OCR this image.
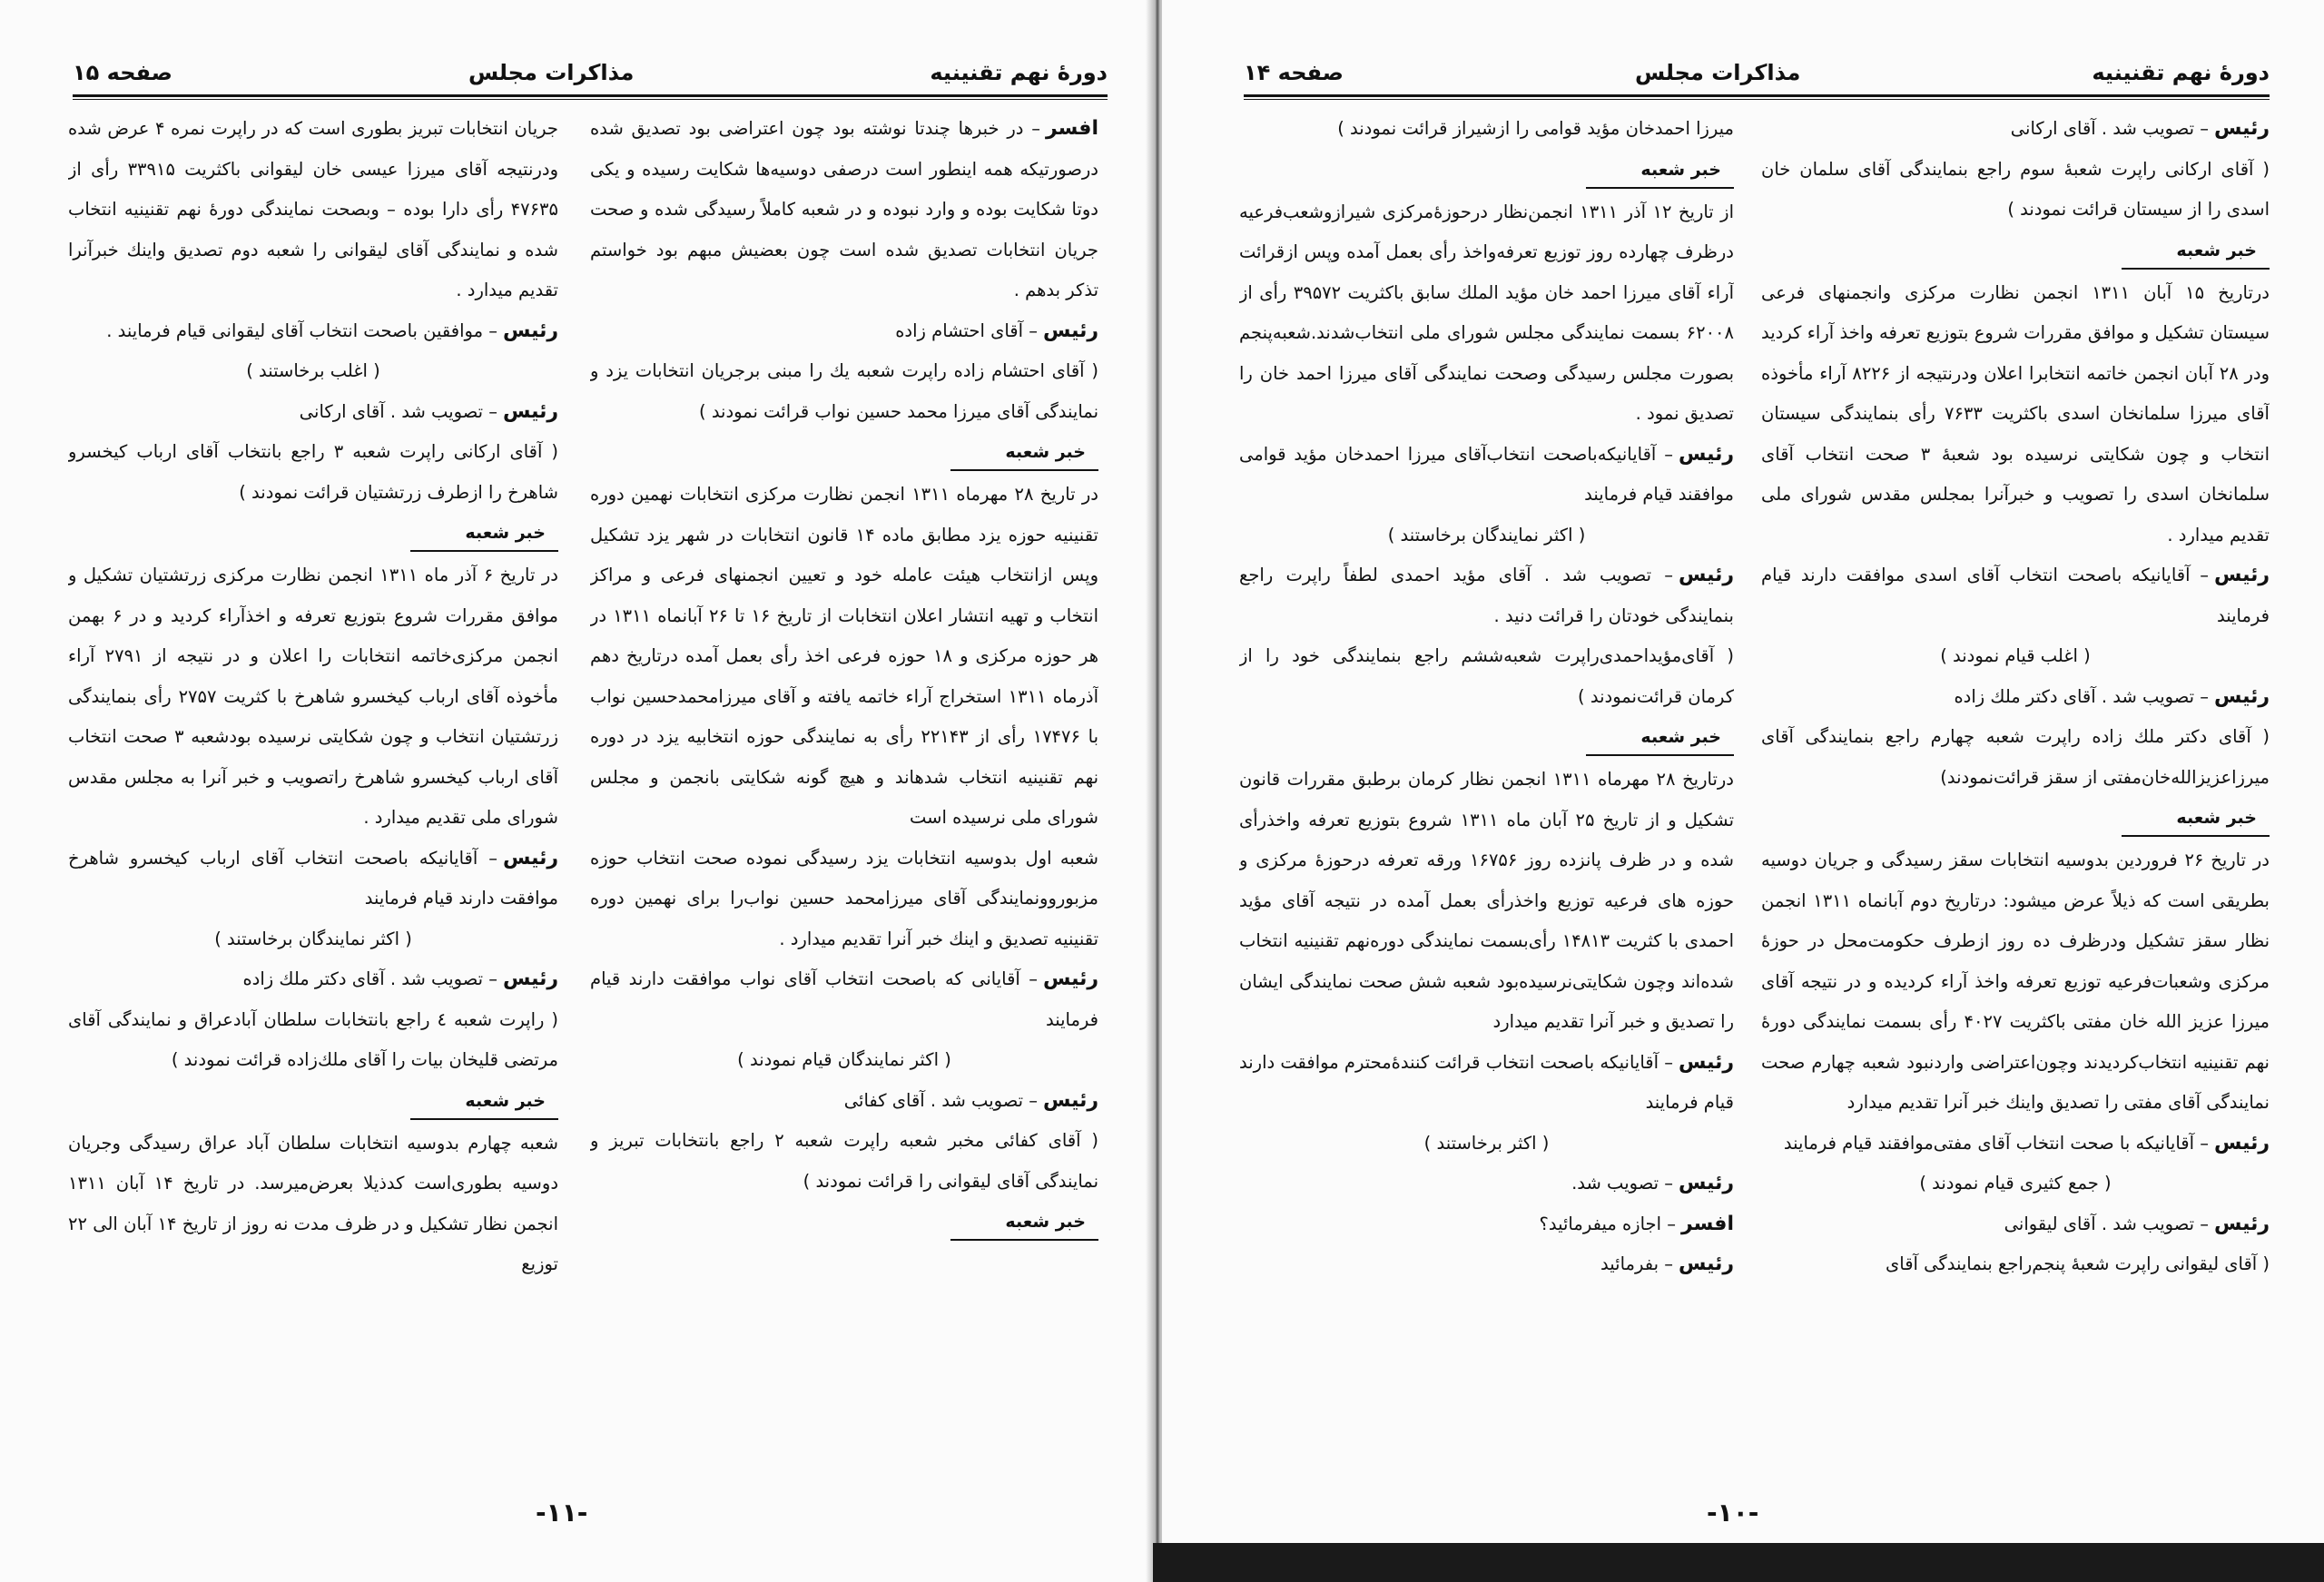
دورهٔ نهم تقنینیه
مذاکرات مجلس
صفحه ۱۵

افسر– در خبرها چندتا نوشته بود چون اعتراضی بود تصدیق شده درصورتیکه همه اینطور است درصفی دوسیه‌ها شکایت رسیده و یکی دوتا شکایت بوده و وارد نبوده و در شعبه کاملاً رسیدگی شده و صحت جریان انتخابات تصدیق شده است چون بعضیش مبهم بود خواستم تذکر بدهم .

رئیس– آقای احتشام زاده

( آقای احتشام زاده راپرت شعبه یك را مبنی برجریان انتخابات یزد و نمایندگی آقای میرزا محمد حسین نواب قرائت نمودند )

خبر شعبه

در تاریخ ۲۸ مهرماه ۱۳۱۱ انجمن نظارت مرکزی انتخابات نهمین دوره تقنینیه حوزه یزد مطابق ماده ۱۴ قانون انتخابات در شهر یزد تشکیل وپس ازانتخاب هیئت عامله خود و تعیین انجمنهای فرعی و مراکز انتخاب و تهیه انتشار اعلان انتخابات از تاریخ ۱۶ تا ۲۶ آبانماه ۱۳۱۱ در هر حوزه مرکزی و ۱۸ حوزه فرعی اخذ رأی بعمل آمده درتاریخ دهم آذرماه ۱۳۱۱ استخراج آراء خاتمه یافته و آقای میرزامحمدحسین نواب با ۱۷۴۷۶ رأی از ۲۲۱۴۳ رأی به نمایندگی حوزه انتخابیه یزد در دوره نهم تقنینیه انتخاب شدهاند و هیچ گونه شکایتی بانجمن و مجلس شورای ملی نرسیده است

شعبه اول بدوسیه انتخابات یزد رسیدگی نموده صحت انتخاب حوزه مزبوروونمایندگی آقای میرزامحمد حسین نواب‌را برای نهمین دوره تقنینیه تصدیق و اینك خبر آنرا تقدیم میدارد .

رئیس– آقایانی که باصحت انتخاب آقای نواب موافقت دارند قیام فرمایند

( اکثر نمایندگان قیام نمودند )

رئیس– تصویب شد . آقای کفائی

( آقای کفائی مخبر شعبه راپرت شعبه ۲ راجع بانتخابات تبریز و نمایندگی آقای لیقوانی را قرائت نمودند )

خبر شعبه

جریان انتخابات تبریز بطوری است که در راپرت نمره ۴ عرض شده ودرنتیجه آقای میرزا عیسی خان لیقوانی باکثریت ۳۳۹۱۵ رأی از ۴۷۶۳۵ رأی دارا بوده – وبصحت نمایندگی دورهٔ نهم تقنینیه انتخاب شده و نمایندگی آقای لیقوانی را شعبه دوم تصدیق واینك خبرآنرا تقدیم میدارد .

رئیس– موافقین باصحت انتخاب آقای لیقوانی قیام فرمایند .

( اغلب برخاستند )

رئیس– تصویب شد . آقای ارکانی

( آقای ارکانی راپرت شعبه ۳ راجع بانتخاب آقای ارباب کیخسرو شاهرخ را ازطرف زرتشتیان قرائت نمودند )

خبر شعبه

در تاریخ ۶ آذر ماه ۱۳۱۱ انجمن نظارت مرکزی زرتشتیان تشکیل و موافق مقررات شروع بتوزیع تعرفه و اخذآراء کردید و در ۶ بهمن انجمن مرکزی‌خاتمه انتخابات را اعلان و در نتیجه از ۲۷۹۱ آراء مأخوذه آقای ارباب کیخسرو شاهرخ با کثریت ۲۷۵۷ رأی بنمایندگی زرتشتیان انتخاب و چون شکایتی نرسیده بودشعبه ۳ صحت انتخاب آقای ارباب کیخسرو شاهرخ راتصویب و خبر آنرا به مجلس مقدس شورای ملی تقدیم میدارد .

رئیس– آقایانیکه باصحت انتخاب آقای ارباب کیخسرو شاهرخ موافقت دارند قیام فرمایند

( اکثر نمایندگان برخاستند )

رئیس– تصویب شد . آقای دکتر ملك زاده

( راپرت شعبه ٤ راجع بانتخابات سلطان آبادعراق و نمایندگی آقای مرتضی قلیخان بیات را آقای ملك‌زاده قرائت نمودند )

خبر شعبه

شعبه چهارم بدوسیه انتخابات سلطان آباد عراق رسیدگی وجریان دوسیه بطوری‌است کدذیلا بعرض‌میرسد. در تاریخ ۱۴ آبان ۱۳۱۱ انجمن نظار تشکیل و در ظرف مدت نه روز از تاریخ ۱۴ آبان الی ۲۲ توزیع

-۱۱-
دورهٔ نهم تقنینیه
مذاکرات مجلس
صفحه ۱۴

رئیس– تصویب شد . آقای ارکانی

( آقای ارکانی راپرت شعبهٔ سوم راجع بنمایندگی آقای سلمان خان اسدی را از سیستان قرائت نمودند )

خبر شعبه

درتاریخ ۱۵ آبان ۱۳۱۱ انجمن نظارت مرکزی وانجمنهای فرعی سیستان تشکیل و موافق مقررات شروع بتوزیع تعرفه واخذ آراء کردید ودر ۲۸ آبان انجمن خاتمه انتخابرا اعلان ودرنتیجه از ۸۲۲۶ آراء مأخوذه آقای میرزا سلمانخان اسدی باکثریت ۷۶۳۳ رأی بنمایندگی سیستان انتخاب و چون شکایتی نرسیده بود شعبهٔ ۳ صحت انتخاب آقای سلمانخان اسدی را تصویب و خبرآنرا بمجلس مقدس شورای ملی تقدیم میدارد .

رئیس– آقایانیکه باصحت انتخاب آقای اسدی موافقت دارند قیام فرمایند

( اغلب قیام نمودند )

رئیس– تصویب شد . آقای دکتر ملك زاده

( آقای دکتر ملك زاده راپرت شعبه چهارم راجع بنمایندگی آقای میرزاعزیزالله‌خان‌مفتی از سقز قرائت‌نمودند)

خبر شعبه

در تاریخ ۲۶ فروردین بدوسیه انتخابات سقز رسیدگی و جریان دوسیه بطریقی است که ذیلاً عرض میشود: درتاریخ دوم آبانماه ۱۳۱۱ انجمن نظار سقز تشکیل ودرظرف ده روز ازطرف حکومت‌محل در حوزهٔ مرکزی وشعبات‌فرعیه توزیع تعرفه واخذ آراء کردیده و در نتیجه آقای میرزا عزیز الله خان مفتی باکثریت ۴۰۲۷ رأی بسمت نمایندگی دورهٔ نهم تقنینیه انتخاب‌کردیدند وچون‌اعتراضی واردنبود شعبه چهارم صحت نمایندگی آقای مفتی را تصدیق واینك خبر آنرا تقدیم میدارد

رئیس– آقایانیکه با صحت انتخاب آقای مفتی‌موافقند قیام فرمایند

( جمع کثیری قیام نمودند )

رئیس– تصویب شد . آقای لیقوانی

( آقای لیقوانی راپرت شعبهٔ پنجم‌راجع بنمایندگی آقای

میرزا احمدخان مؤید قوامی را ازشیراز قرائت نمودند )

خبر شعبه

از تاریخ ۱۲ آذر ۱۳۱۱ انجمن‌نظار درحوزهٔ‌مرکزی شیرازوشعب‌فرعیه درظرف چهارده روز توزیع تعرفه‌واخذ رأی بعمل آمده وپس ازقرائت آراء آقای میرزا احمد خان مؤید الملك سابق باکثریت ۳۹۵۷۲ رأی از ۶۲۰۰۸ بسمت نمایندگی مجلس شورای ملی انتخاب‌شدند.شعبه‌پنجم بصورت مجلس رسیدگی وصحت نمایندگی آقای میرزا احمد خان را تصدیق نمود .

رئیس– آقایانیکه‌باصحت انتخاب‌آقای میرزا احمدخان مؤید قوامی موافقند قیام فرمایند

( اکثر نمایندگان برخاستند )

رئیس– تصویب شد . آقای مؤید احمدی لطفاً راپرت راجع بنمایندگی خودتان را قرائت دنید .

( آقای‌مؤیداحمدی‌راپرت شعبه‌ششم راجع بنمایندگی خود را از کرمان قرائت‌نمودند )

خبر شعبه

درتاریخ ۲۸ مهرماه ۱۳۱۱ انجمن نظار کرمان برطبق مقررات قانون تشکیل و از تاریخ ۲۵ آبان ماه ۱۳۱۱ شروع بتوزیع تعرفه واخذرأی شده و در ظرف پانزده روز ۱۶۷۵۶ ورقه تعرفه درحوزهٔ مرکزی و حوزه های فرعیه توزیع واخذرأی بعمل آمده در نتیجه آقای مؤید احمدی با کثریت ۱۴۸۱۳ رأی‌بسمت نمایندگی دوره‌نهم تقنینیه انتخاب شده‌اند وچون شکایتی‌نرسیده‌بود شعبه شش صحت نمایندگی ایشان را تصدیق و خبر آنرا تقدیم میدارد

رئیس– آقایانیکه باصحت انتخاب قرائت کنندهٔ‌محترم موافقت دارند قیام فرمایند

( اکثر برخاستند )

رئیس– تصویب شد.

افسر– اجازه میفرمائید؟

رئیس– بفرمائید

-۱۰-
